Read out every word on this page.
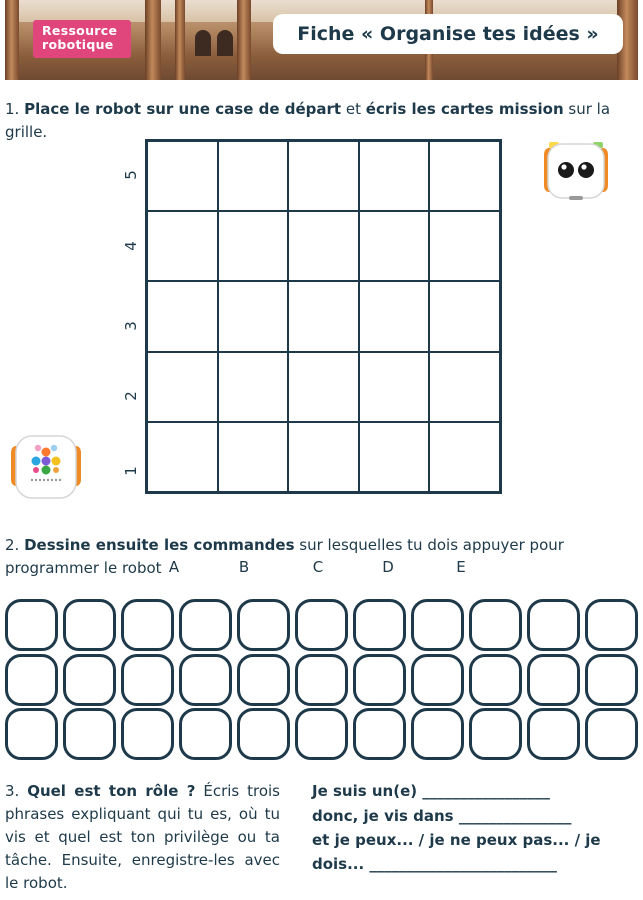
Ressource
robotique	Fiche « Organise tes idées »
1. Place le robot sur une case de départ et écris les cartes mission sur la grille.
5
4
3
2
1
2. Dessine ensuite les commandes sur lesquelles tu dois appuyer pour programmer le robot A	B	C	D	E
3. Quel est ton rôle ? Écris trois phrases expliquant qui tu es, où tu vis et quel est ton privilège ou ta tâche. Ensuite, enregistre-les avec le robot.
Je suis un(e) _________________
donc, je vis dans _______________
et je peux... / je ne peux pas... / je
dois... _________________________
